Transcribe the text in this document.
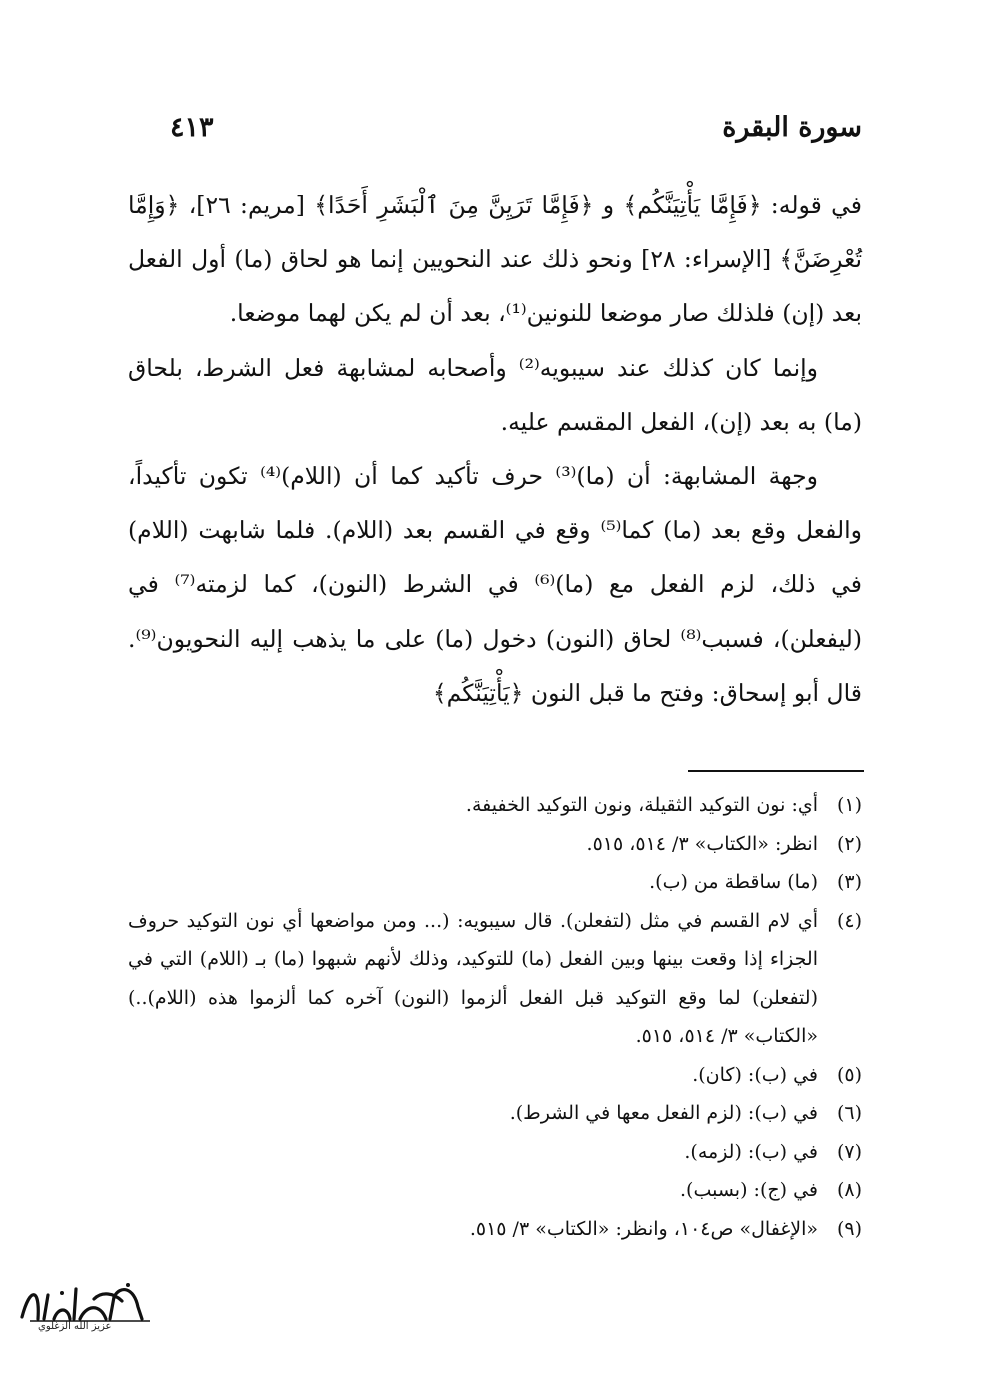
سورة البقرة
٤١٣

في قوله: ﴿فَإِمَّا يَأْتِيَنَّكُم﴾ و ﴿فَإِمَّا تَرَيِنَّ مِنَ ٱلْبَشَرِ أَحَدًا﴾ [مريم: ٢٦]، ﴿وَإِمَّا تُعْرِضَنَّ﴾ [الإسراء: ٢٨] ونحو ذلك عند النحويين إنما هو لحاق (ما) أول الفعل بعد (إن) فلذلك صار موضعا للنونين⁽¹⁾، بعد أن لم يكن لهما موضعا.

وإنما كان كذلك عند سيبويه⁽²⁾ وأصحابه لمشابهة فعل الشرط، بلحاق (ما) به بعد (إن)، الفعل المقسم عليه.

وجهة المشابهة: أن (ما)⁽³⁾ حرف تأكيد كما أن (اللام)⁽⁴⁾ تكون تأكيداً، والفعل وقع بعد (ما) كما⁽⁵⁾ وقع في القسم بعد (اللام). فلما شابهت (اللام) في ذلك، لزم الفعل مع (ما)⁽⁶⁾ في الشرط (النون)، كما لزمته⁽⁷⁾ في (ليفعلن)، فسبب⁽⁸⁾ لحاق (النون) دخول (ما) على ما يذهب إليه النحويون⁽⁹⁾. قال أبو إسحاق: وفتح ما قبل النون ﴿يَأْتِيَنَّكُم﴾

(١)
أي: نون التوكيد الثقيلة، ونون التوكيد الخفيفة.
(٢)
انظر: «الكتاب» ٣/ ٥١٤، ٥١٥.
(٣)
(ما) ساقطة من (ب).
(٤)
أي لام القسم في مثل (لتفعلن). قال سيبويه: (... ومن مواضعها أي نون التوكيد حروف الجزاء إذا وقعت بينها وبين الفعل (ما) للتوكيد، وذلك لأنهم شبهوا (ما) بـ (اللام) التي في (لتفعلن) لما وقع التوكيد قبل الفعل ألزموا (النون) آخره كما ألزموا هذه (اللام)..) «الكتاب» ٣/ ٥١٤، ٥١٥.
(٥)
في (ب): (كان).
(٦)
في (ب): (لزم الفعل معها في الشرط).
(٧)
في (ب): (لزمه).
(٨)
في (ج): (بسبب).
(٩)
«الإغفال» ص١٠٤، وانظر: «الكتاب» ٣/ ٥١٥.
عزيز الله الزغلوي
